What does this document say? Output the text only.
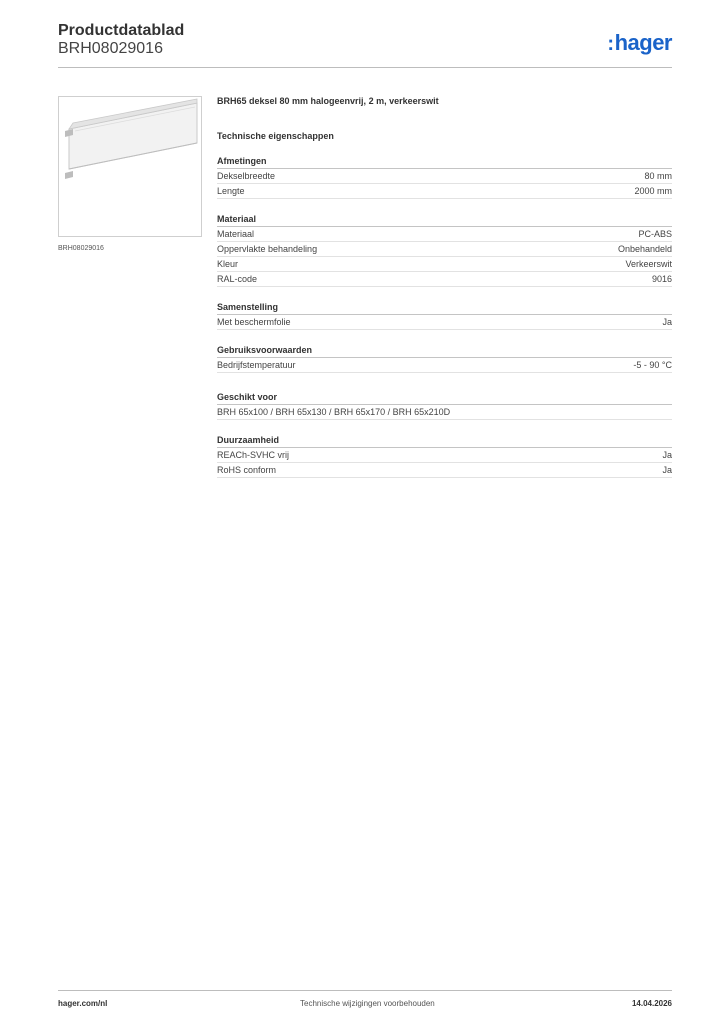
Productdatablad
BRH08029016	:hager
BRH08029016
BRH65 deksel 80 mm halogeenvrij, 2 m, verkeerswit
Technische eigenschappen
Afmetingen
Dekselbreedte	80 mm
Lengte	2000 mm
Materiaal
Materiaal	PC-ABS
Oppervlakte behandeling	Onbehandeld
Kleur	Verkeerswit
RAL-code	9016
Samenstelling
Met beschermfolie	Ja
Gebruiksvoorwaarden
Bedrijfstemperatuur	-5 - 90 °C
Geschikt voor
BRH 65x100 / BRH 65x130 / BRH 65x170 / BRH 65x210D
Duurzaamheid
REACh-SVHC vrij	Ja
RoHS conform	Ja
hager.com/nl	Technische wijzigingen voorbehouden	14.04.2026
